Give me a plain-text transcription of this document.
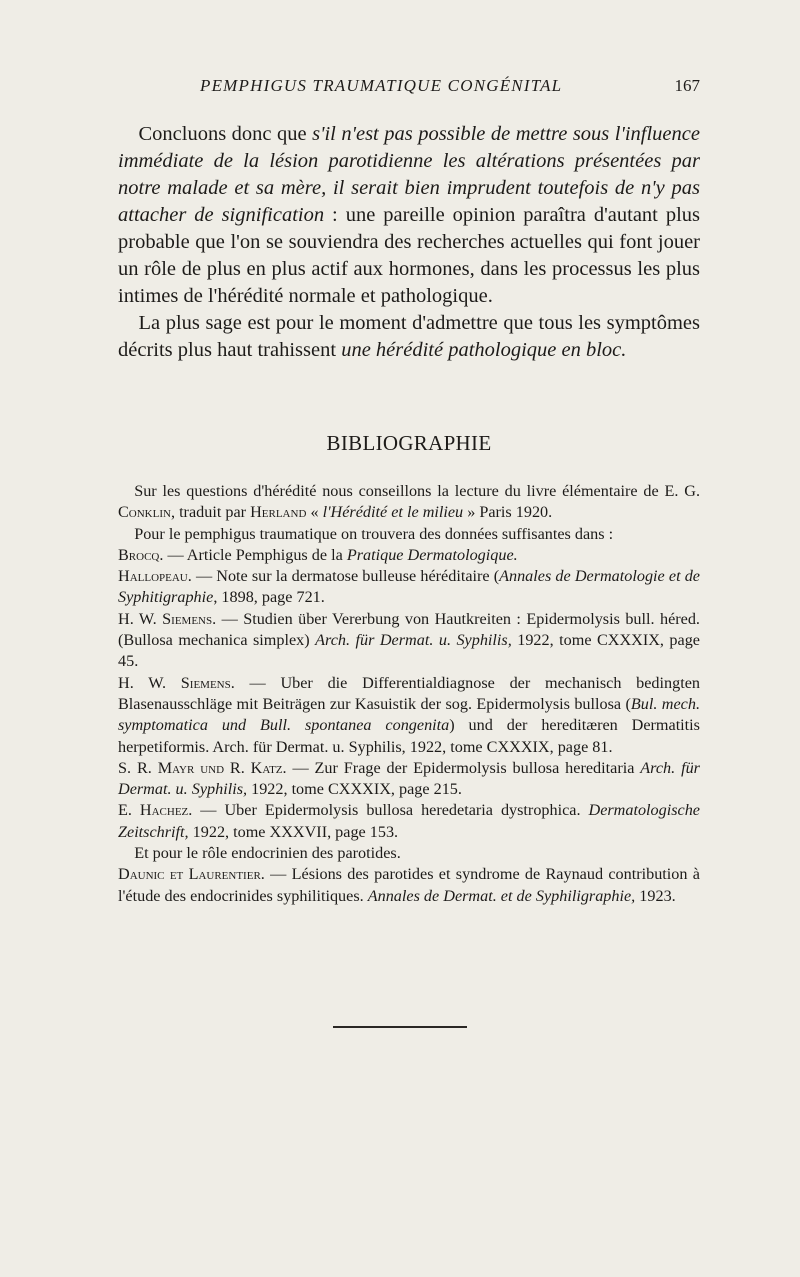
PEMPHIGUS TRAUMATIQUE CONGÉNITAL	167

 Concluons donc que s'il n'est pas possible de mettre sous l'influence immédiate de la lésion parotidienne les altérations présentées par notre malade et sa mère, il serait bien imprudent toutefois de n'y pas attacher de signification : une pareille opinion paraîtra d'autant plus probable que l'on se souviendra des recherches actuelles qui font jouer un rôle de plus en plus actif aux hormones, dans les processus les plus intimes de l'hérédité normale et pathologique.

 La plus sage est pour le moment d'admettre que tous les symptômes décrits plus haut trahissent une hérédité pathologique en bloc.

BIBLIOGRAPHIE

 Sur les questions d'hérédité nous conseillons la lecture du livre élémentaire de E. G. Conklin, traduit par Herland « l'Hérédité et le milieu » Paris 1920.

 Pour le pemphigus traumatique on trouvera des données suffisantes dans :

Brocq. — Article Pemphigus de la Pratique Dermatologique.

Hallopeau. — Note sur la dermatose bulleuse héréditaire (Annales de Dermatologie et de Syphitigraphie, 1898, page 721.

H. W. Siemens. — Studien über Vererbung von Hautkreiten : Epidermolysis bull. héred. (Bullosa mechanica simplex) Arch. für Dermat. u. Syphilis, 1922, tome CXXXIX, page 45.

H. W. Siemens. — Uber die Differentialdiagnose der mechanisch bedingten Blasenausschläge mit Beiträgen zur Kasuistik der sog. Epidermolysis bullosa (Bul. mech. symptomatica und Bull. spontanea congenita) und der hereditæren Dermatitis herpetiformis. Arch. für Dermat. u. Syphilis, 1922, tome CXXXIX, page 81.

S. R. Mayr und R. Katz. — Zur Frage der Epidermolysis bullosa hereditaria Arch. für Dermat. u. Syphilis, 1922, tome CXXXIX, page 215.

E. Hachez. — Uber Epidermolysis bullosa heredetaria dystrophica. Dermatologische Zeitschrift, 1922, tome XXXVII, page 153.

 Et pour le rôle endocrinien des parotides.

Daunic et Laurentier. — Lésions des parotides et syndrome de Raynaud contribution à l'étude des endocrinides syphilitiques. Annales de Dermat. et de Syphiligraphie, 1923.
